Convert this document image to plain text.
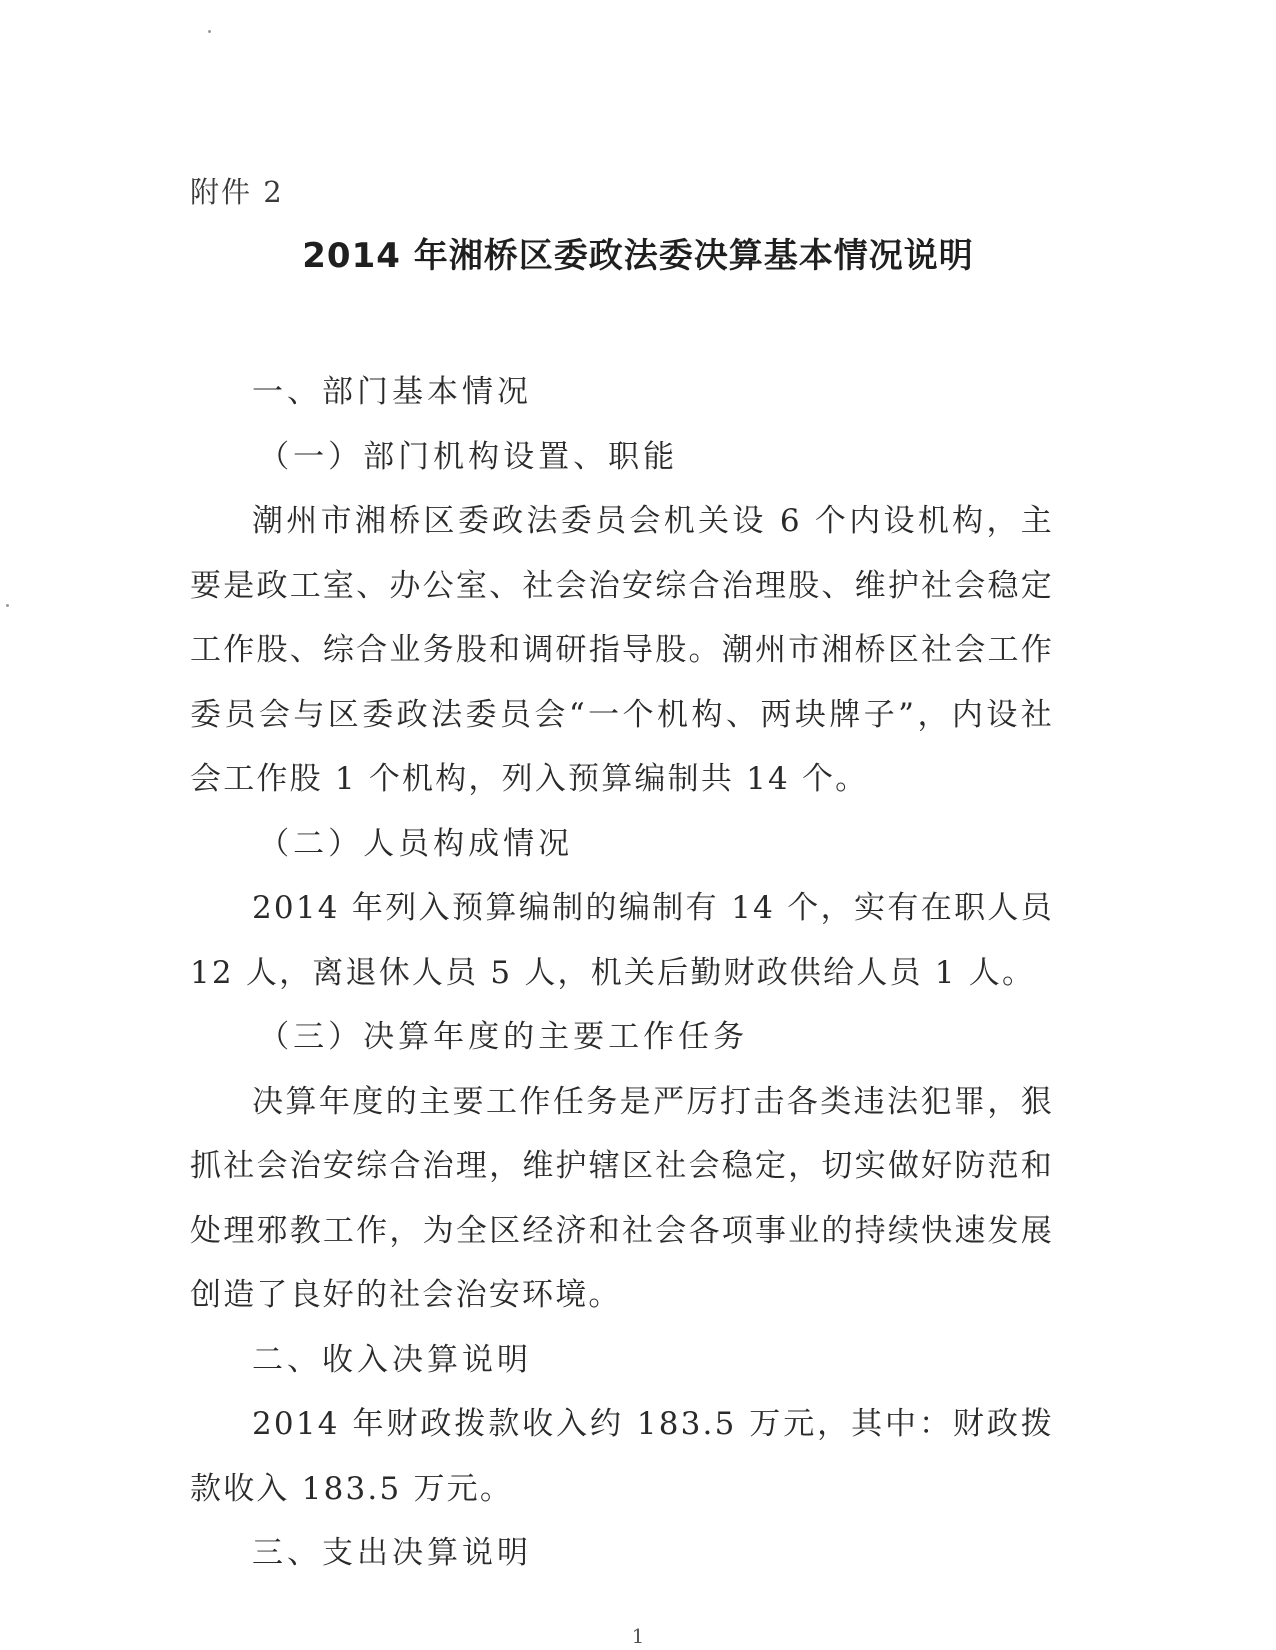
附件 2
2014 年湘桥区委政法委决算基本情况说明

一、部门基本情况

（一）部门机构设置、职能

潮州市湘桥区委政法委员会机关设 6 个内设机构，主要是政工室、办公室、社会治安综合治理股、维护社会稳定工作股、综合业务股和调研指导股。潮州市湘桥区社会工作委员会与区委政法委员会“一个机构、两块牌子”，内设社会工作股 1 个机构，列入预算编制共 14 个。

（二）人员构成情况

2014 年列入预算编制的编制有 14 个，实有在职人员 12 人，离退休人员 5 人，机关后勤财政供给人员 1 人。

（三）决算年度的主要工作任务

决算年度的主要工作任务是严厉打击各类违法犯罪，狠抓社会治安综合治理，维护辖区社会稳定，切实做好防范和处理邪教工作，为全区经济和社会各项事业的持续快速发展创造了良好的社会治安环境。

二、收入决算说明

2014 年财政拨款收入约 183.5 万元，其中：财政拨款收入 183.5 万元。

三、支出决算说明

1
